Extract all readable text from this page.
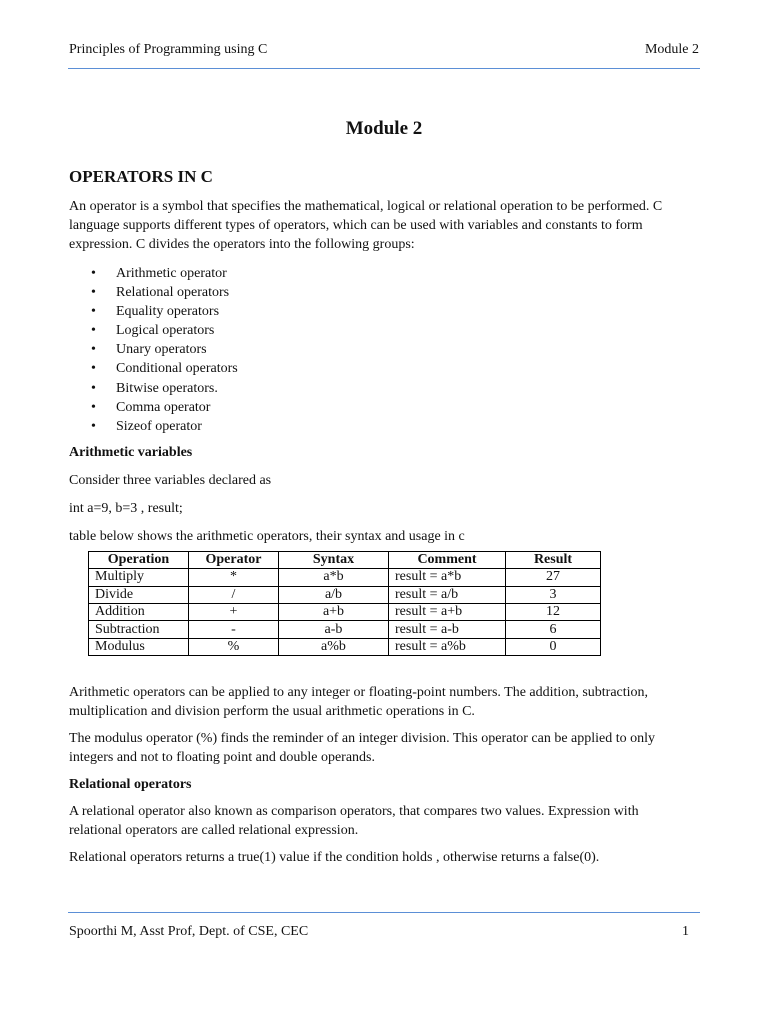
Principles of Programming using C	Module 2
Module 2
OPERATORS IN C

An operator is a symbol that specifies the mathematical, logical or relational operation to be performed. C language supports different types of operators, which can be used with variables and constants to form expression. C divides the operators into the following groups:

• Arithmetic operator
• Relational operators
• Equality operators
• Logical operators
• Unary operators
• Conditional operators
• Bitwise operators.
• Comma operator
• Sizeof operator
Arithmetic variables

Consider three variables declared as

int a=9, b=3 , result;

table below shows the arithmetic operators, their syntax and usage in c

Operation	Operator	Syntax	Comment	Result
Multiply	*	a*b	result = a*b	27
Divide	/	a/b	result = a/b	3
Addition	+	a+b	result = a+b	12
Subtraction	-	a-b	result = a-b	6
Modulus	%	a%b	result = a%b	0

Arithmetic operators can be applied to any integer or floating-point numbers. The addition, subtraction, multiplication and division perform the usual arithmetic operations in C.

The modulus operator (%) finds the reminder of an integer division. This operator can be applied to only integers and not to floating point and double operands.

Relational operators

A relational operator also known as comparison operators, that compares two values. Expression with relational operators are called relational expression.

Relational operators returns a true(1) value if the condition holds , otherwise returns a false(0).

Spoorthi M, Asst Prof, Dept. of CSE, CEC	1
